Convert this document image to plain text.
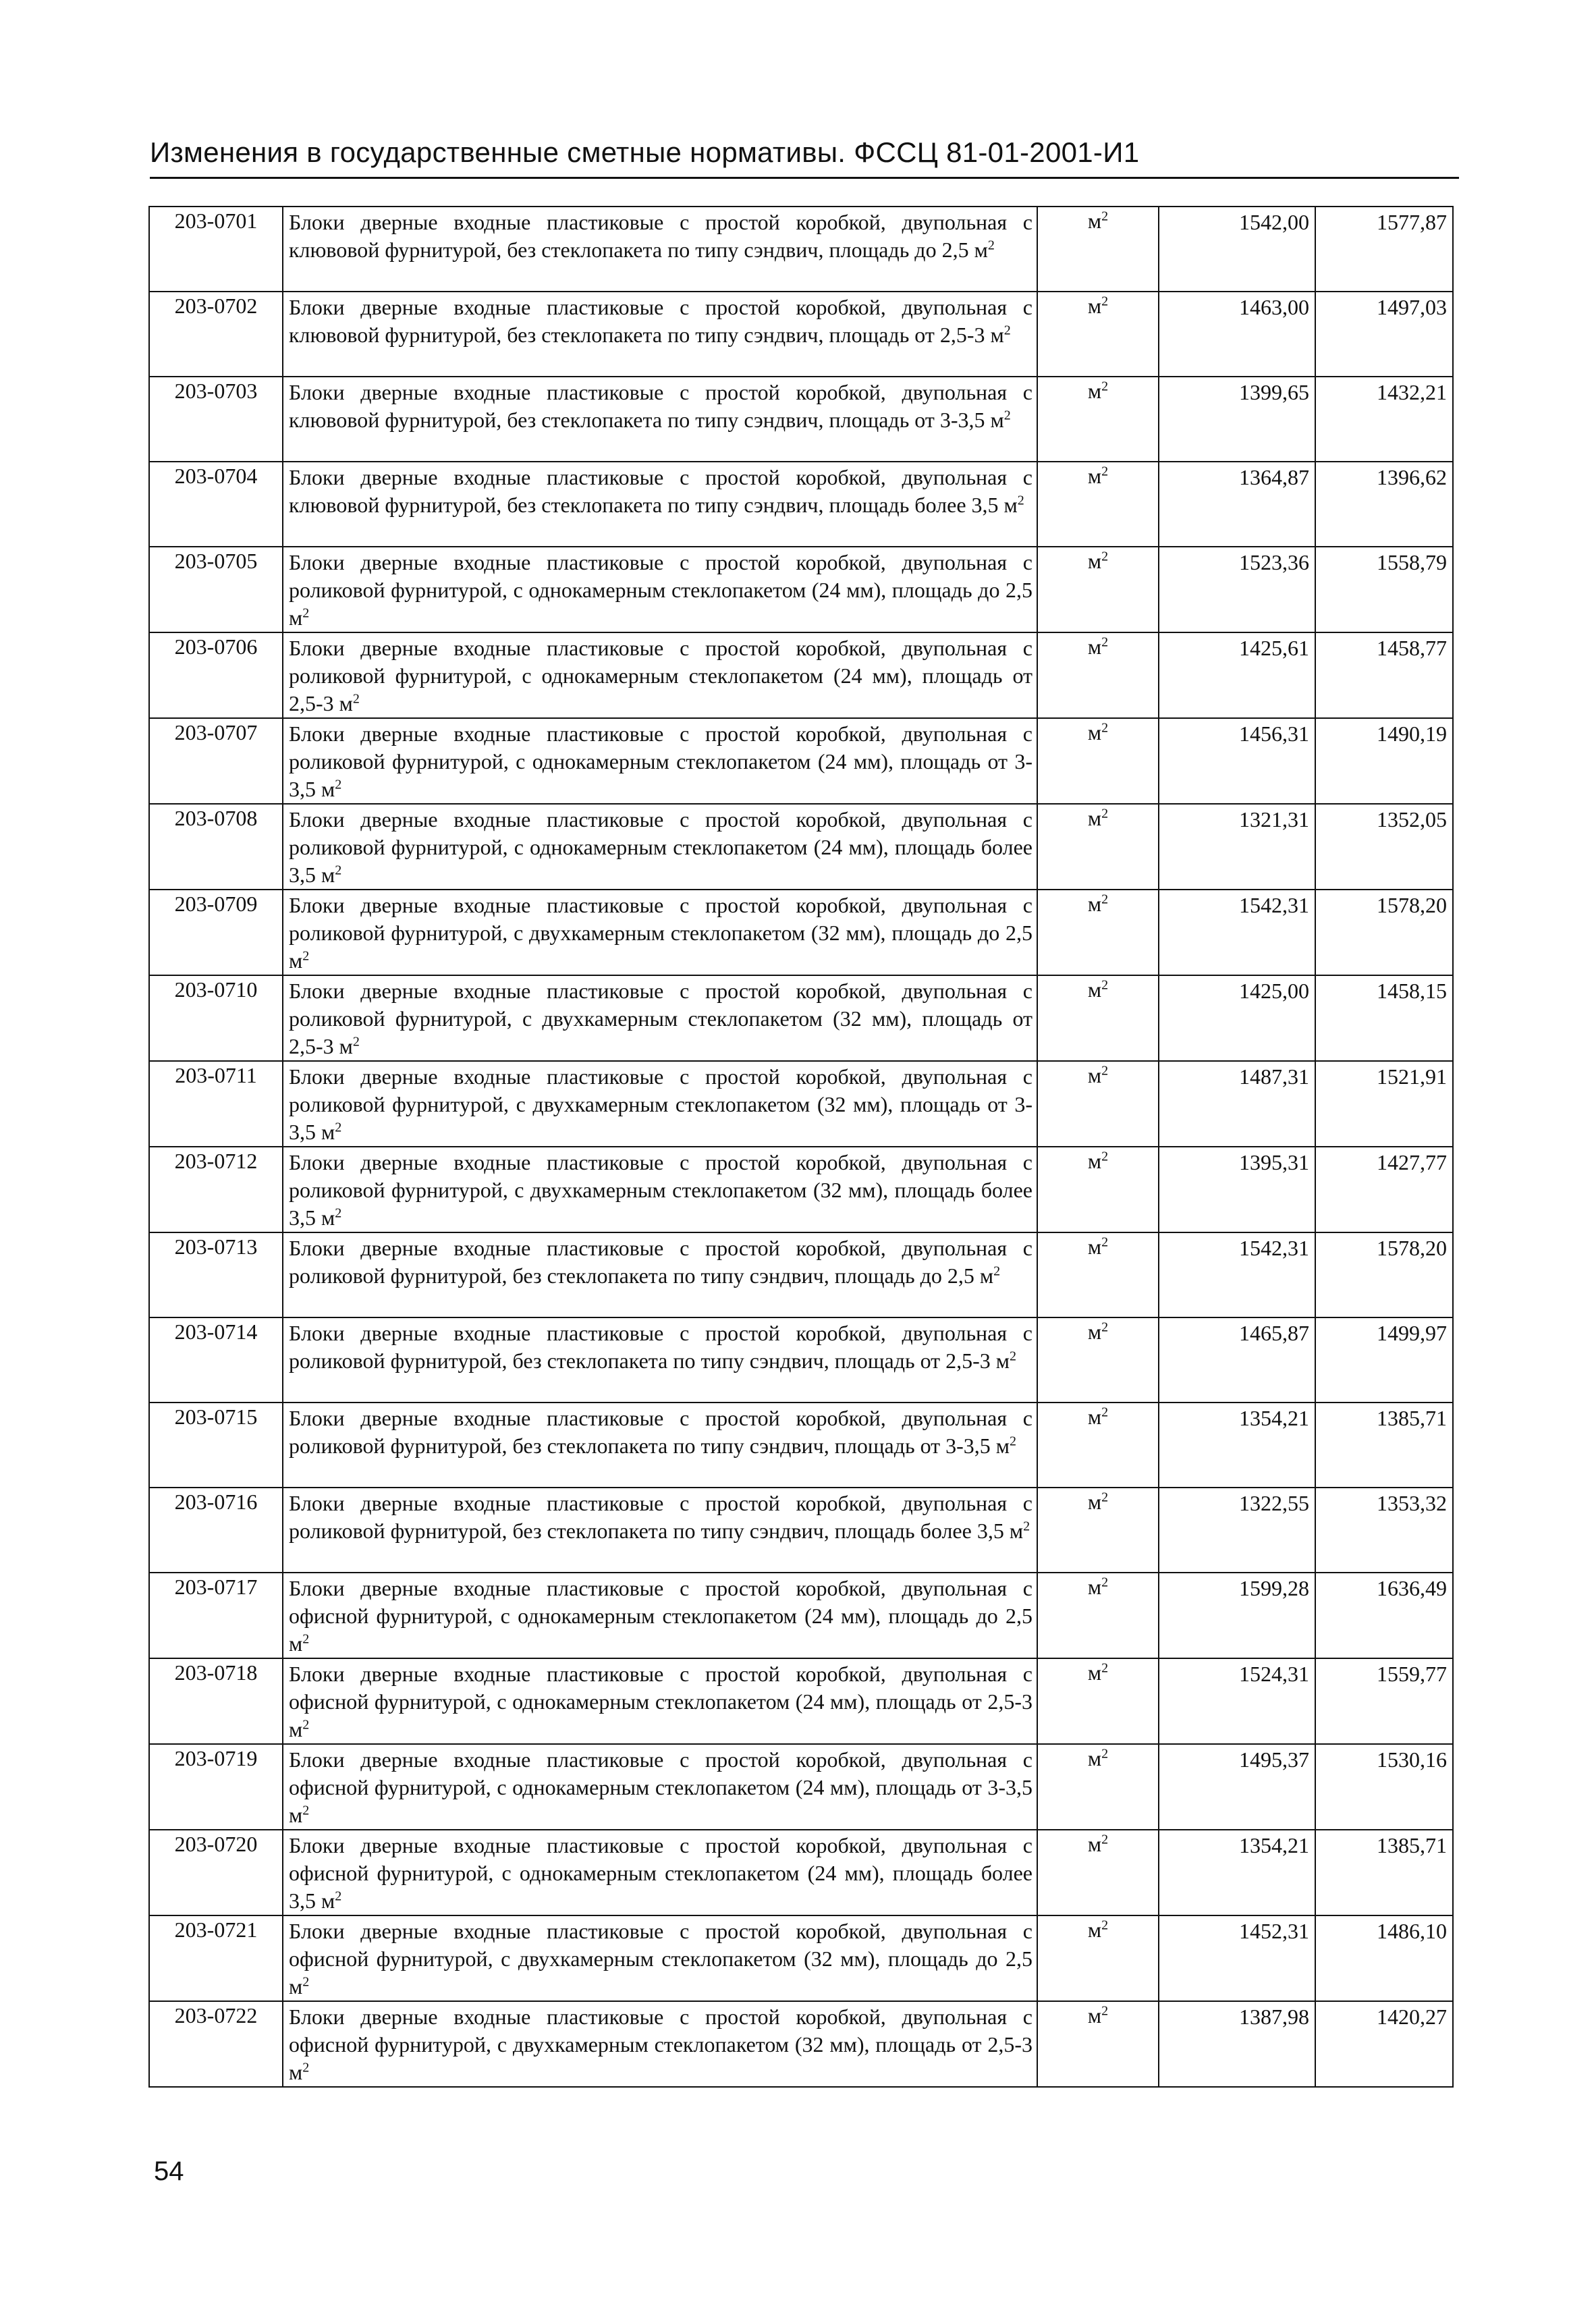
Изменения в государственные сметные нормативы. ФССЦ 81-01-2001-И1
203-0701	Блоки дверные входные пластиковые с простой коробкой, двупольная с клювовой фурнитурой, без стеклопакета по типу сэндвич, площадь до 2,5 $м^2$	$м^2$	1542,00	1577,87
203-0702	Блоки дверные входные пластиковые с простой коробкой, двупольная с клювовой фурнитурой, без стеклопакета по типу сэндвич, площадь от 2,5-3 $м^2$	$м^2$	1463,00	1497,03
203-0703	Блоки дверные входные пластиковые с простой коробкой, двупольная с клювовой фурнитурой, без стеклопакета по типу сэндвич, площадь от 3-3,5 $м^2$	$м^2$	1399,65	1432,21
203-0704	Блоки дверные входные пластиковые с простой коробкой, двупольная с клювовой фурнитурой, без стеклопакета по типу сэндвич, площадь более 3,5 $м^2$	$м^2$	1364,87	1396,62
203-0705	Блоки дверные входные пластиковые с простой коробкой, двупольная с роликовой фурнитурой, с однокамерным стеклопакетом (24 мм), площадь до 2,5 $м^2$	$м^2$	1523,36	1558,79
203-0706	Блоки дверные входные пластиковые с простой коробкой, двупольная с роликовой фурнитурой, с однокамерным стеклопакетом (24 мм), площадь от 2,5-3 $м^2$	$м^2$	1425,61	1458,77
203-0707	Блоки дверные входные пластиковые с простой коробкой, двупольная с роликовой фурнитурой, с однокамерным стеклопакетом (24 мм), площадь от 3-3,5 $м^2$	$м^2$	1456,31	1490,19
203-0708	Блоки дверные входные пластиковые с простой коробкой, двупольная с роликовой фурнитурой, с однокамерным стеклопакетом (24 мм), площадь более 3,5 $м^2$	$м^2$	1321,31	1352,05
203-0709	Блоки дверные входные пластиковые с простой коробкой, двупольная с роликовой фурнитурой, с двухкамерным стеклопакетом (32 мм), площадь до 2,5 $м^2$	$м^2$	1542,31	1578,20
203-0710	Блоки дверные входные пластиковые с простой коробкой, двупольная с роликовой фурнитурой, с двухкамерным стеклопакетом (32 мм), площадь от 2,5-3 $м^2$	$м^2$	1425,00	1458,15
203-0711	Блоки дверные входные пластиковые с простой коробкой, двупольная с роликовой фурнитурой, с двухкамерным стеклопакетом (32 мм), площадь от 3-3,5 $м^2$	$м^2$	1487,31	1521,91
203-0712	Блоки дверные входные пластиковые с простой коробкой, двупольная с роликовой фурнитурой, с двухкамерным стеклопакетом (32 мм), площадь более 3,5 $м^2$	$м^2$	1395,31	1427,77
203-0713	Блоки дверные входные пластиковые с простой коробкой, двупольная с роликовой фурнитурой, без стеклопакета по типу сэндвич, площадь до 2,5 $м^2$	$м^2$	1542,31	1578,20
203-0714	Блоки дверные входные пластиковые с простой коробкой, двупольная с роликовой фурнитурой, без стеклопакета по типу сэндвич, площадь от 2,5-3 $м^2$	$м^2$	1465,87	1499,97
203-0715	Блоки дверные входные пластиковые с простой коробкой, двупольная с роликовой фурнитурой, без стеклопакета по типу сэндвич, площадь от 3-3,5 $м^2$	$м^2$	1354,21	1385,71
203-0716	Блоки дверные входные пластиковые с простой коробкой, двупольная с роликовой фурнитурой, без стеклопакета по типу сэндвич, площадь более 3,5 $м^2$	$м^2$	1322,55	1353,32
203-0717	Блоки дверные входные пластиковые с простой коробкой, двупольная с офисной фурнитурой, с однокамерным стеклопакетом (24 мм), площадь до 2,5 $м^2$	$м^2$	1599,28	1636,49
203-0718	Блоки дверные входные пластиковые с простой коробкой, двупольная с офисной фурнитурой, с однокамерным стеклопакетом (24 мм), площадь от 2,5-3 $м^2$	$м^2$	1524,31	1559,77
203-0719	Блоки дверные входные пластиковые с простой коробкой, двупольная с офисной фурнитурой, с однокамерным стеклопакетом (24 мм), площадь от 3-3,5 $м^2$	$м^2$	1495,37	1530,16
203-0720	Блоки дверные входные пластиковые с простой коробкой, двупольная с офисной фурнитурой, с однокамерным стеклопакетом (24 мм), площадь более 3,5 $м^2$	$м^2$	1354,21	1385,71
203-0721	Блоки дверные входные пластиковые с простой коробкой, двупольная с офисной фурнитурой, с двухкамерным стеклопакетом (32 мм), площадь до 2,5 $м^2$	$м^2$	1452,31	1486,10
203-0722	Блоки дверные входные пластиковые с простой коробкой, двупольная с офисной фурнитурой, с двухкамерным стеклопакетом (32 мм), площадь от 2,5-3 $м^2$	$м^2$	1387,98	1420,27
54
